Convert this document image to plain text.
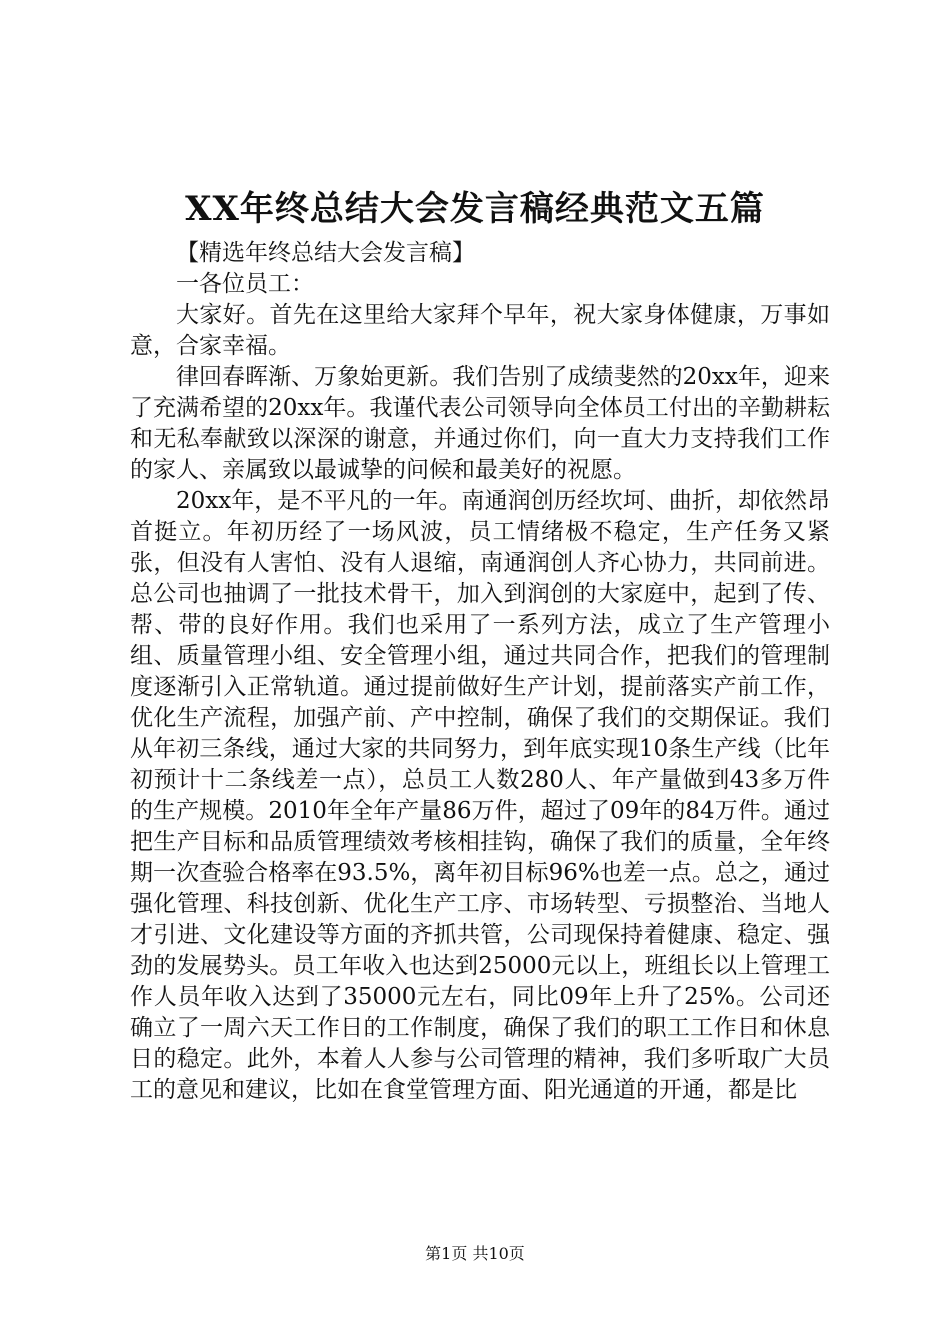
XX年终总结大会发言稿经典范文五篇

【精选年终总结大会发言稿】

一各位员工：

大家好。首先在这里给大家拜个早年，祝大家身体健康，万事如意，合家幸福。

律回春晖渐、万象始更新。我们告别了成绩斐然的20xx年，迎来了充满希望的20xx年。我谨代表公司领导向全体员工付出的辛勤耕耘和无私奉献致以深深的谢意，并通过你们，向一直大力支持我们工作的家人、亲属致以最诚挚的问候和最美好的祝愿。

20xx年，是不平凡的一年。南通润创历经坎坷、曲折，却依然昂首挺立。年初历经了一场风波，员工情绪极不稳定，生产任务又紧张，但没有人害怕、没有人退缩，南通润创人齐心协力，共同前进。总公司也抽调了一批技术骨干，加入到润创的大家庭中，起到了传、帮、带的良好作用。我们也采用了一系列方法，成立了生产管理小组、质量管理小组、安全管理小组，通过共同合作，把我们的管理制度逐渐引入正常轨道。通过提前做好生产计划，提前落实产前工作，优化生产流程，加强产前、产中控制，确保了我们的交期保证。我们从年初三条线，通过大家的共同努力，到年底实现10条生产线（比年初预计十二条线差一点），总员工人数280人、年产量做到43多万件的生产规模。2010年全年产量86万件，超过了09年的84万件。通过把生产目标和品质管理绩效考核相挂钩，确保了我们的质量，全年终期一次查验合格率在93.5%，离年初目标96%也差一点。总之，通过强化管理、科技创新、优化生产工序、市场转型、亏损整治、当地人才引进、文化建设等方面的齐抓共管，公司现保持着健康、稳定、强劲的发展势头。员工年收入也达到25000元以上，班组长以上管理工作人员年收入达到了35000元左右，同比09年上升了25%。公司还确立了一周六天工作日的工作制度，确保了我们的职工工作日和休息日的稳定。此外，本着人人参与公司管理的精神，我们多听取广大员工的意见和建议，比如在食堂管理方面、阳光通道的开通，都是比

第1页 共10页
